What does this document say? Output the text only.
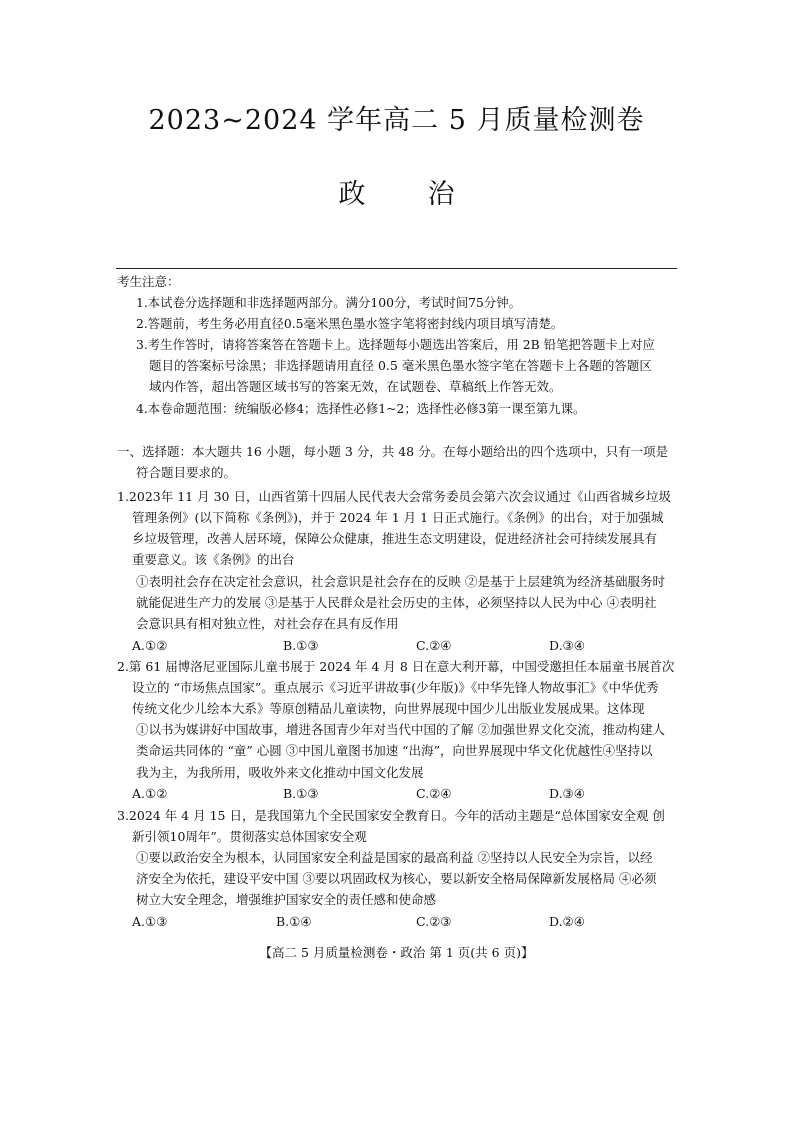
2023~2024 学年高二 5 月质量检测卷
政 治
考生注意：
1.本试卷分选择题和非选择题两部分。满分100分，考试时间75分钟。
2.答题前，考生务必用直径0.5毫米黑色墨水签字笔将密封线内项目填写清楚。
3.考生作答时，请将答案答在答题卡上。选择题每小题选出答案后，用 2B 铅笔把答题卡上对应
题目的答案标号涂黑；非选择题请用直径 0.5 毫米黑色墨水签字笔在答题卡上各题的答题区
域内作答，超出答题区域书写的答案无效，在试题卷、草稿纸上作答无效。
4.本卷命题范围：统编版必修4；选择性必修1~2；选择性必修3第一课至第九课。
一、选择题：本大题共 16 小题，每小题 3 分，共 48 分。在每小题给出的四个选项中，只有一项是
符合题目要求的。
1.2023年 11 月 30 日，山西省第十四届人民代表大会常务委员会第六次会议通过《山西省城乡垃圾
管理条例》(以下简称《条例》)，并于 2024 年 1 月 1 日正式施行。《条例》的出台，对于加强城
乡垃圾管理，改善人居环境，保障公众健康，推进生态文明建设，促进经济社会可持续发展具有
重要意义。该《条例》的出台
①表明社会存在决定社会意识，社会意识是社会存在的反映 ②是基于上层建筑为经济基础服务时
就能促进生产力的发展 ③是基于人民群众是社会历史的主体，必须坚持以人民为中心 ④表明社
会意识具有相对独立性，对社会存在具有反作用
A.①②	B.①③	C.②④	D.③④
2.第 61 届博洛尼亚国际儿童书展于 2024 年 4 月 8 日在意大利开幕，中国受邀担任本届童书展首次
设立的 “市场焦点国家”。重点展示《习近平讲故事(少年版)》《中华先锋人物故事汇》《中华优秀
传统文化少儿绘本大系》等原创精品儿童读物，向世界展现中国少儿出版业发展成果。这体现
①以书为媒讲好中国故事，增进各国青少年对当代中国的了解 ②加强世界文化交流，推动构建人
类命运共同体的 “童” 心圆 ③中国儿童图书加速 “出海”，向世界展现中华文化优越性④坚持以
我为主，为我所用，吸收外来文化推动中国文化发展
A.①②	B.①③	C.②④	D.③④
3.2024 年 4 月 15 日，是我国第九个全民国家安全教育日。今年的活动主题是“总体国家安全观 创
新引领10周年”。贯彻落实总体国家安全观
①要以政治安全为根本，认同国家安全利益是国家的最高利益 ②坚持以人民安全为宗旨，以经
济安全为依托，建设平安中国 ③要以巩固政权为核心，要以新安全格局保障新发展格局 ④必须
树立大安全理念，增强维护国家安全的责任感和使命感
A.①③	B.①④	C.②③	D.②④
【高二 5 月质量检测卷・政治 第 1 页(共 6 页)】
